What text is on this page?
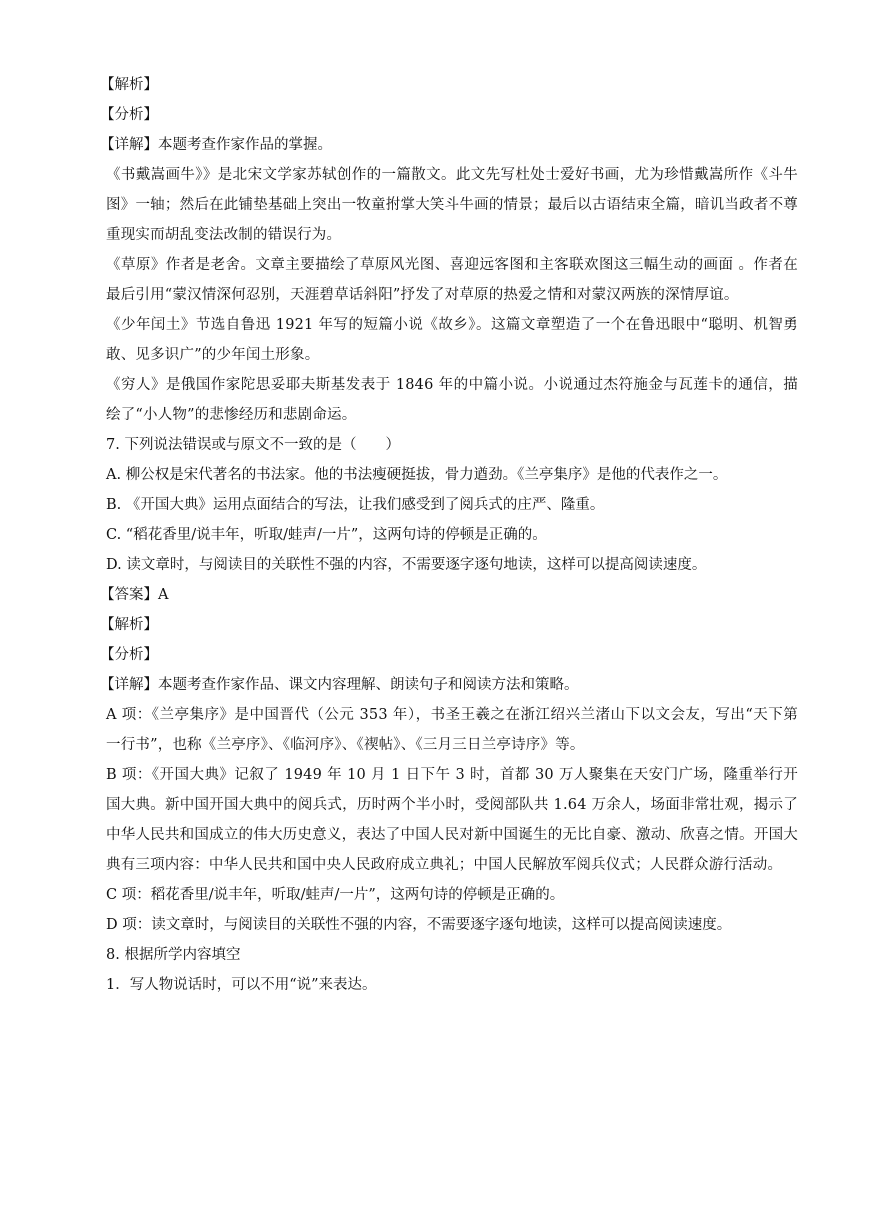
【解析】
【分析】
【详解】本题考查作家作品的掌握。

《书戴嵩画牛》》是北宋文学家苏轼创作的一篇散文。此文先写杜处士爱好书画，尤为珍惜戴嵩所作《斗牛图》一轴；然后在此铺垫基础上突出一牧童拊掌大笑斗牛画的情景；最后以古语结束全篇，暗讥当政者不尊重现实而胡乱变法改制的错误行为。

《草原》作者是老舍。文章主要描绘了草原风光图、喜迎远客图和主客联欢图这三幅生动的画面 。作者在最后引用“蒙汉情深何忍别，天涯碧草话斜阳”抒发了对草原的热爱之情和对蒙汉两族的深情厚谊。

《少年闰土》节选自鲁迅 1921 年写的短篇小说《故乡》。这篇文章塑造了一个在鲁迅眼中“聪明、机智勇敢、见多识广”的少年闰土形象。

《穷人》是俄国作家陀思妥耶夫斯基发表于 1846 年的中篇小说。小说通过杰符施金与瓦莲卡的通信，描绘了“小人物”的悲惨经历和悲剧命运。

7. 下列说法错误或与原文不一致的是（　　）
A. 柳公权是宋代著名的书法家。他的书法瘦硬挺拔，骨力遒劲。《兰亭集序》是他的代表作之一。
B. 《开国大典》运用点面结合的写法，让我们感受到了阅兵式的庄严、隆重。
C. “稻花香里/说丰年，听取/蛙声/一片”，这两句诗的停顿是正确的。
D. 读文章时，与阅读目的关联性不强的内容，不需要逐字逐句地读，这样可以提高阅读速度。
【答案】A
【解析】
【分析】
【详解】本题考查作家作品、课文内容理解、朗读句子和阅读方法和策略。

A 项：《兰亭集序》是中国晋代（公元 353 年），书圣王羲之在浙江绍兴兰渚山下以文会友，写出“天下第一行书”，也称《兰亭序》、《临河序》、《禊帖》、《三月三日兰亭诗序》等。

B 项：《开国大典》记叙了 1949 年 10 月 1 日下午 3 时，首都 30 万人聚集在天安门广场，隆重举行开国大典。新中国开国大典中的阅兵式，历时两个半小时，受阅部队共 1.64 万余人，场面非常壮观，揭示了中华人民共和国成立的伟大历史意义，表达了中国人民对新中国诞生的无比自豪、激动、欣喜之情。开国大典有三项内容：中华人民共和国中央人民政府成立典礼；中国人民解放军阅兵仪式；人民群众游行活动。

C 项：稻花香里/说丰年，听取/蛙声/一片”，这两句诗的停顿是正确的。
D 项：读文章时，与阅读目的关联性不强的内容，不需要逐字逐句地读，这样可以提高阅读速度。
8. 根据所学内容填空
1．写人物说话时，可以不用“说”来表达。
